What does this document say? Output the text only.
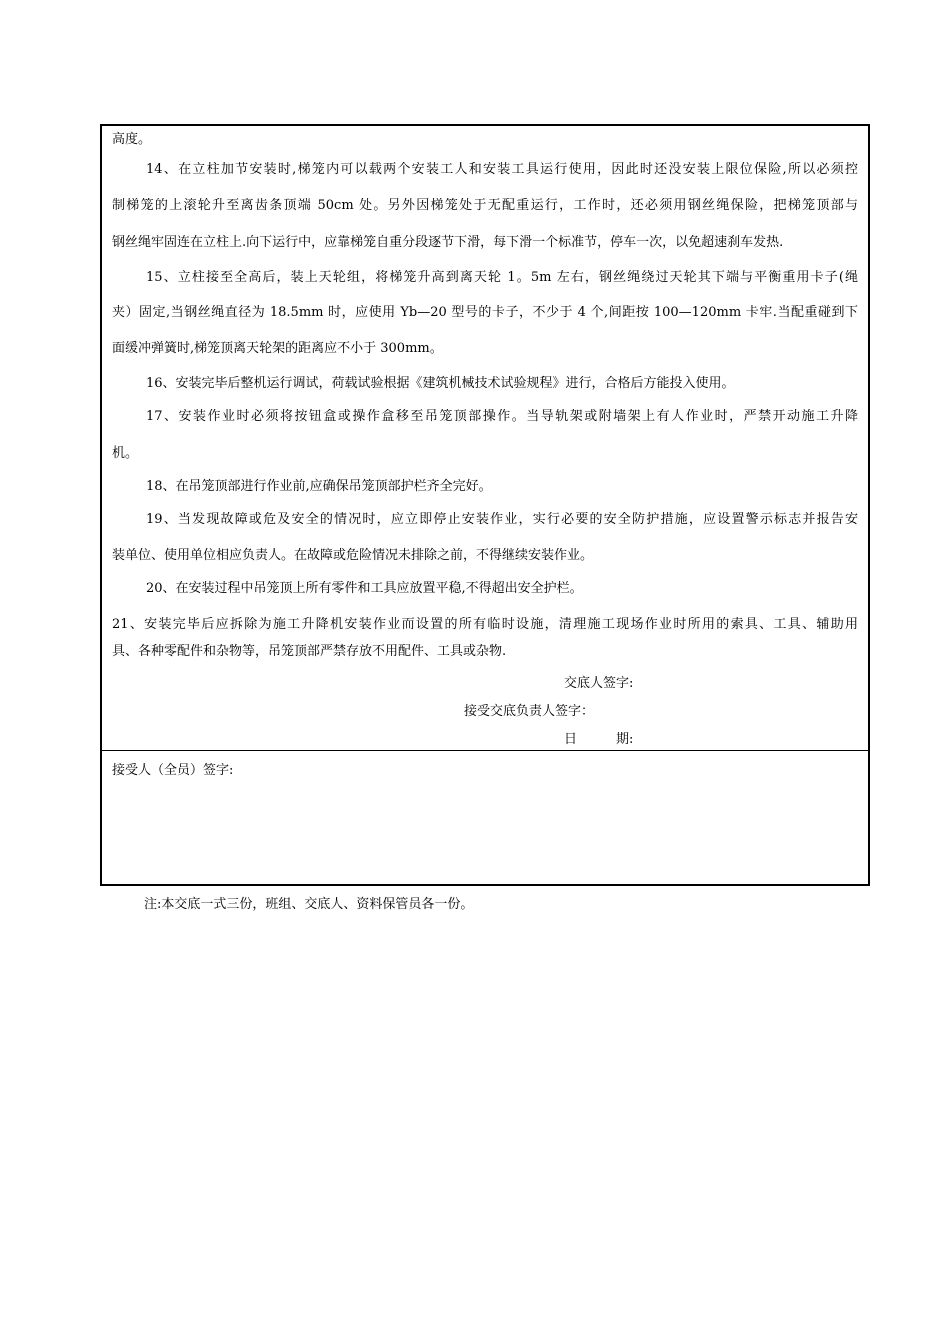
高度。
14、在立柱加节安装时,梯笼内可以载两个安装工人和安装工具运行使用，因此时还没安装上限位保险,所以必须控
制梯笼的上滚轮升至离齿条顶端 50cm 处。另外因梯笼处于无配重运行，工作时，还必须用钢丝绳保险，把梯笼顶部与
钢丝绳牢固连在立柱上.向下运行中，应靠梯笼自重分段逐节下滑，每下滑一个标准节，停车一次，以免超速刹车发热.
15、立柱接至全高后，装上天轮组，将梯笼升高到离天轮 1。5m 左右，钢丝绳绕过天轮其下端与平衡重用卡子(绳
夹）固定,当钢丝绳直径为 18.5mm 时，应使用 Yb—20 型号的卡子，不少于 4 个,间距按 100—120mm 卡牢.当配重碰到下
面缓冲弹簧时,梯笼顶离天轮架的距离应不小于 300mm。
16、安装完毕后整机运行调试，荷载试验根据《建筑机械技术试验规程》进行，合格后方能投入使用。
17、安装作业时必须将按钮盒或操作盒移至吊笼顶部操作。当导轨架或附墙架上有人作业时，严禁开动施工升降
机。
18、在吊笼顶部进行作业前,应确保吊笼顶部护栏齐全完好。
19、当发现故障或危及安全的情况时，应立即停止安装作业，实行必要的安全防护措施，应设置警示标志并报告安
装单位、使用单位相应负责人。在故障或危险情况未排除之前，不得继续安装作业。
20、在安装过程中吊笼顶上所有零件和工具应放置平稳,不得超出安全护栏。
21、安装完毕后应拆除为施工升降机安装作业而设置的所有临时设施，清理施工现场作业时所用的索具、工具、辅助用
具、各种零配件和杂物等，吊笼顶部严禁存放不用配件、工具或杂物.
交底人签字:
接受交底负责人签字：
日　　　期:
接受人（全员）签字:
注:本交底一式三份，班组、交底人、资料保管员各一份。
